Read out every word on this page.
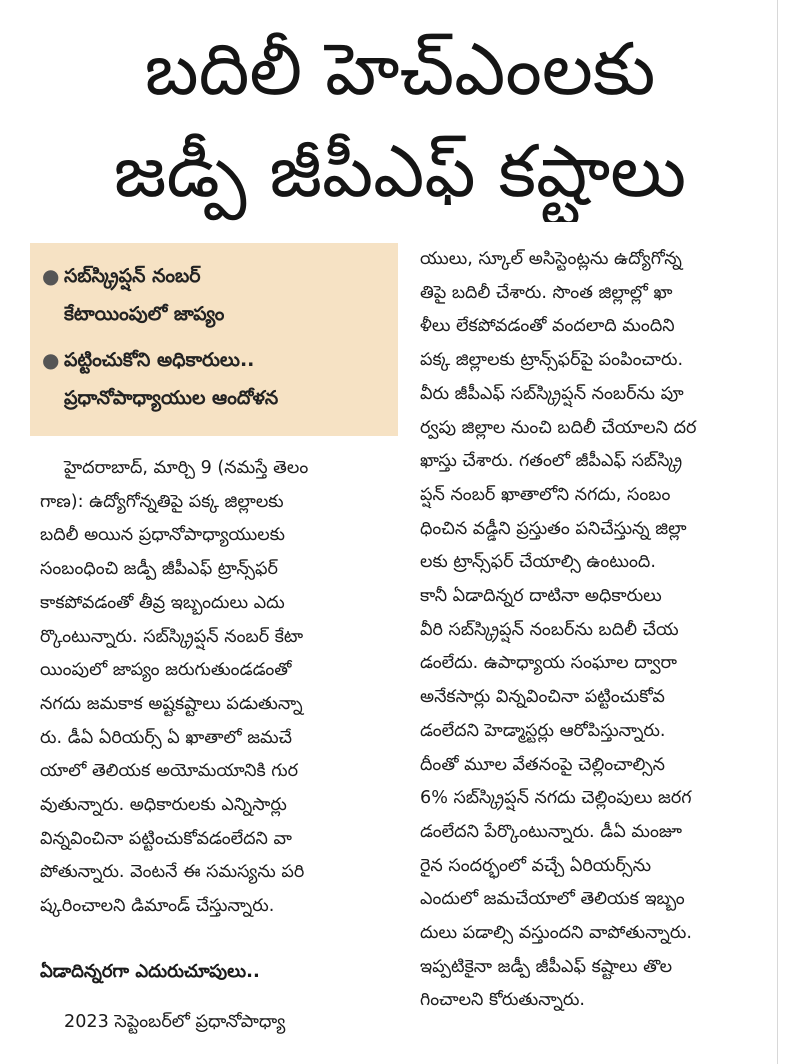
బదిలీ హెచ్ఎంలకు
జడ్పీ జీపీఎఫ్ కష్టాలు
● సబ్‌స్క్రిప్షన్ నంబర్
కేటాయింపులో జాప్యం
● పట్టించుకోని అధికారులు..
ప్రధానోపాధ్యాయుల ఆందోళన
హైదరాబాద్, మార్చి 9 (నమస్తే తెలం
గాణ): ఉద్యోగోన్నతిపై పక్క జిల్లాలకు
బదిలీ అయిన ప్రధానోపాధ్యాయులకు
సంబంధించి జడ్పీ జీపీఎఫ్ ట్రాన్స్‌ఫర్
కాకపోవడంతో తీవ్ర ఇబ్బందులు ఎదు
ర్కొంటున్నారు. సబ్‌స్క్రిప్షన్ నంబర్ కేటా
యింపులో జాప్యం జరుగుతుండడంతో
నగదు జమకాక అష్టకష్టాలు పడుతున్నా
రు. డీఏ ఏరియర్స్ ఏ ఖాతాలో జమచే
యాలో తెలియక అయోమయానికి గుర
వుతున్నారు. అధికారులకు ఎన్నిసార్లు
విన్నవించినా పట్టించుకోవడంలేదని వా
పోతున్నారు. వెంటనే ఈ సమస్యను పరి
ష్కరించాలని డిమాండ్ చేస్తున్నారు.
ఏడాదిన్నరగా ఎదురుచూపులు..
2023 సెప్టెంబర్‌లో ప్రధానోపాధ్యా
యులు, స్కూల్ అసిస్టెంట్లను ఉద్యోగోన్న
తిపై బదిలీ చేశారు. సొంత జిల్లాల్లో ఖా
ళీలు లేకపోవడంతో వందలాది మందిని
పక్క జిల్లాలకు ట్రాన్స్‌ఫర్‌పై పంపించారు.
వీరు జీపీఎఫ్ సబ్‌స్క్రిప్షన్ నంబర్‌ను పూ
ర్వపు జిల్లాల నుంచి బదిలీ చేయాలని దర
ఖాస్తు చేశారు. గతంలో జీపీఎఫ్ సబ్‌స్క్రి
ప్షన్ నంబర్ ఖాతాలోని నగదు, సంబం
ధించిన వడ్డీని ప్రస్తుతం పనిచేస్తున్న జిల్లా
లకు ట్రాన్స్‌ఫర్ చేయాల్సి ఉంటుంది.
కానీ ఏడాదిన్నర దాటినా అధికారులు
వీరి సబ్‌స్క్రిప్షన్ నంబర్‌ను బదిలీ చేయ
డంలేదు. ఉపాధ్యాయ సంఘాల ద్వారా
అనేకసార్లు విన్నవించినా పట్టించుకోవ
డంలేదని హెడ్మాస్టర్లు ఆరోపిస్తున్నారు.
దీంతో మూల వేతనంపై చెల్లించాల్సిన
6% సబ్‌స్క్రిప్షన్ నగదు చెల్లింపులు జరగ
డంలేదని పేర్కొంటున్నారు. డీఏ మంజూ
రైన సందర్భంలో వచ్చే ఏరియర్స్‌ను
ఎందులో జమచేయాలో తెలియక ఇబ్బం
దులు పడాల్సి వస్తుందని వాపోతున్నారు.
ఇప్పటికైనా జడ్పీ జీపీఎఫ్ కష్టాలు తొల
గించాలని కోరుతున్నారు.
